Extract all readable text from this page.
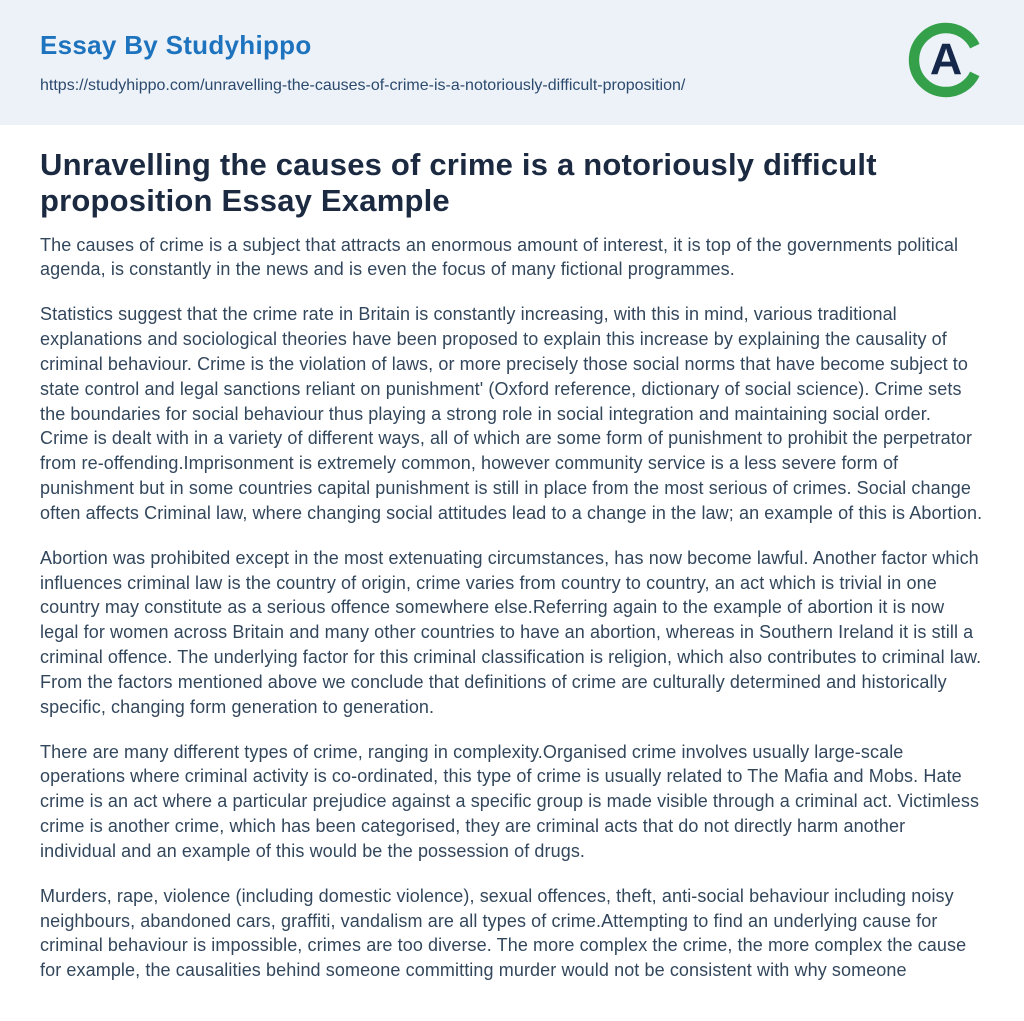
Essay By Studyhippo
https://studyhippo.com/unravelling-the-causes-of-crime-is-a-notoriously-difficult-proposition/
A
Unravelling the causes of crime is a notoriously difficult proposition Essay Example

The causes of crime is a subject that attracts an enormous amount of interest, it is top of the governments political agenda, is constantly in the news and is even the focus of many fictional programmes.

Statistics suggest that the crime rate in Britain is constantly increasing, with this in mind, various traditional explanations and sociological theories have been proposed to explain this increase by explaining the causality of criminal behaviour. Crime is the violation of laws, or more precisely those social norms that have become subject to state control and legal sanctions reliant on punishment' (Oxford reference, dictionary of social science). Crime sets the boundaries for social behaviour thus playing a strong role in social integration and maintaining social order. Crime is dealt with in a variety of different ways, all of which are some form of punishment to prohibit the perpetrator from re-offending.Imprisonment is extremely common, however community service is a less severe form of punishment but in some countries capital punishment is still in place from the most serious of crimes. Social change often affects Criminal law, where changing social attitudes lead to a change in the law; an example of this is Abortion.

Abortion was prohibited except in the most extenuating circumstances, has now become lawful. Another factor which influences criminal law is the country of origin, crime varies from country to country, an act which is trivial in one country may constitute as a serious offence somewhere else.Referring again to the example of abortion it is now legal for women across Britain and many other countries to have an abortion, whereas in Southern Ireland it is still a criminal offence. The underlying factor for this criminal classification is religion, which also contributes to criminal law. From the factors mentioned above we conclude that definitions of crime are culturally determined and historically specific, changing form generation to generation.

There are many different types of crime, ranging in complexity.Organised crime involves usually large-scale operations where criminal activity is co-ordinated, this type of crime is usually related to The Mafia and Mobs. Hate crime is an act where a particular prejudice against a specific group is made visible through a criminal act. Victimless crime is another crime, which has been categorised, they are criminal acts that do not directly harm another individual and an example of this would be the possession of drugs.

Murders, rape, violence (including domestic violence), sexual offences, theft, anti-social behaviour including noisy neighbours, abandoned cars, graffiti, vandalism are all types of crime.Attempting to find an underlying cause for criminal behaviour is impossible, crimes are too diverse. The more complex the crime, the more complex the cause for example, the causalities behind someone committing murder would not be consistent with why someone
